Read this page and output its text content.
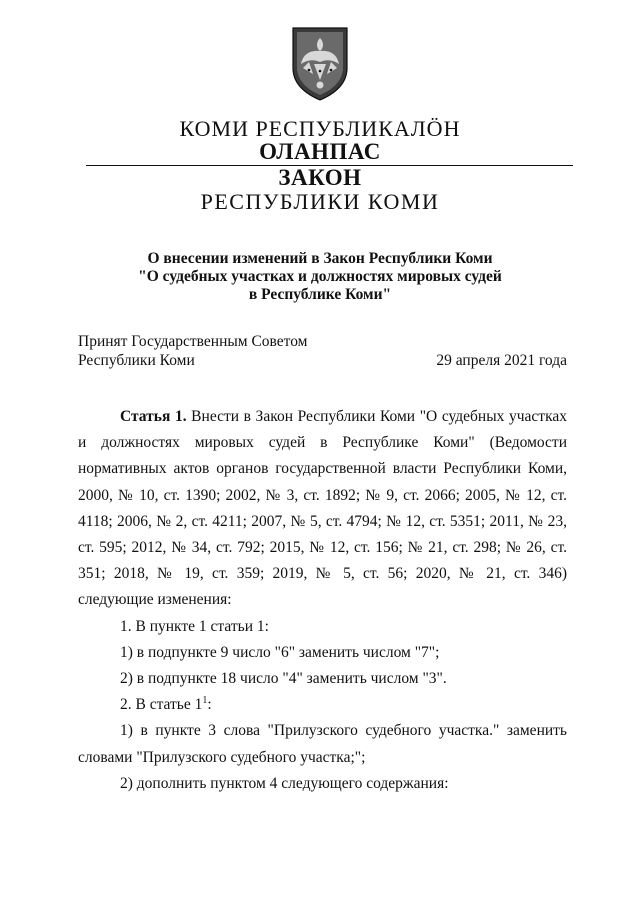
КОМИ РЕСПУБЛИКАЛӦН
ОЛАНПАС
ЗАКОН
РЕСПУБЛИКИ КОМИ
О внесении изменений в Закон Республики Коми
"О судебных участках и должностях мировых судей
в Республике Коми"
Принят Государственным Советом
Республики Коми	29 апреля 2021 года

Статья 1. Внести в Закон Республики Коми "О судебных участках и должностях мировых судей в Республике Коми" (Ведомости нормативных актов органов государственной власти Республики Коми, 2000, № 10, ст. 1390; 2002, № 3, ст. 1892; № 9, ст. 2066; 2005, № 12, ст. 4118; 2006, № 2, ст. 4211; 2007, № 5, ст. 4794; № 12, ст. 5351; 2011, № 23, ст. 595; 2012, № 34, ст. 792; 2015, № 12, ст. 156; № 21, ст. 298; № 26, ст. 351; 2018, № 19, ст. 359; 2019, № 5, ст. 56; 2020, № 21, ст. 346) следующие изменения:

1. В пункте 1 статьи 1:

1) в подпункте 9 число "6" заменить числом "7";

2) в подпункте 18 число "4" заменить числом "3".

2. В статье $1^1$:

1) в пункте 3 слова "Прилузского судебного участка." заменить словами "Прилузского судебного участка;";

2) дополнить пунктом 4 следующего содержания:
